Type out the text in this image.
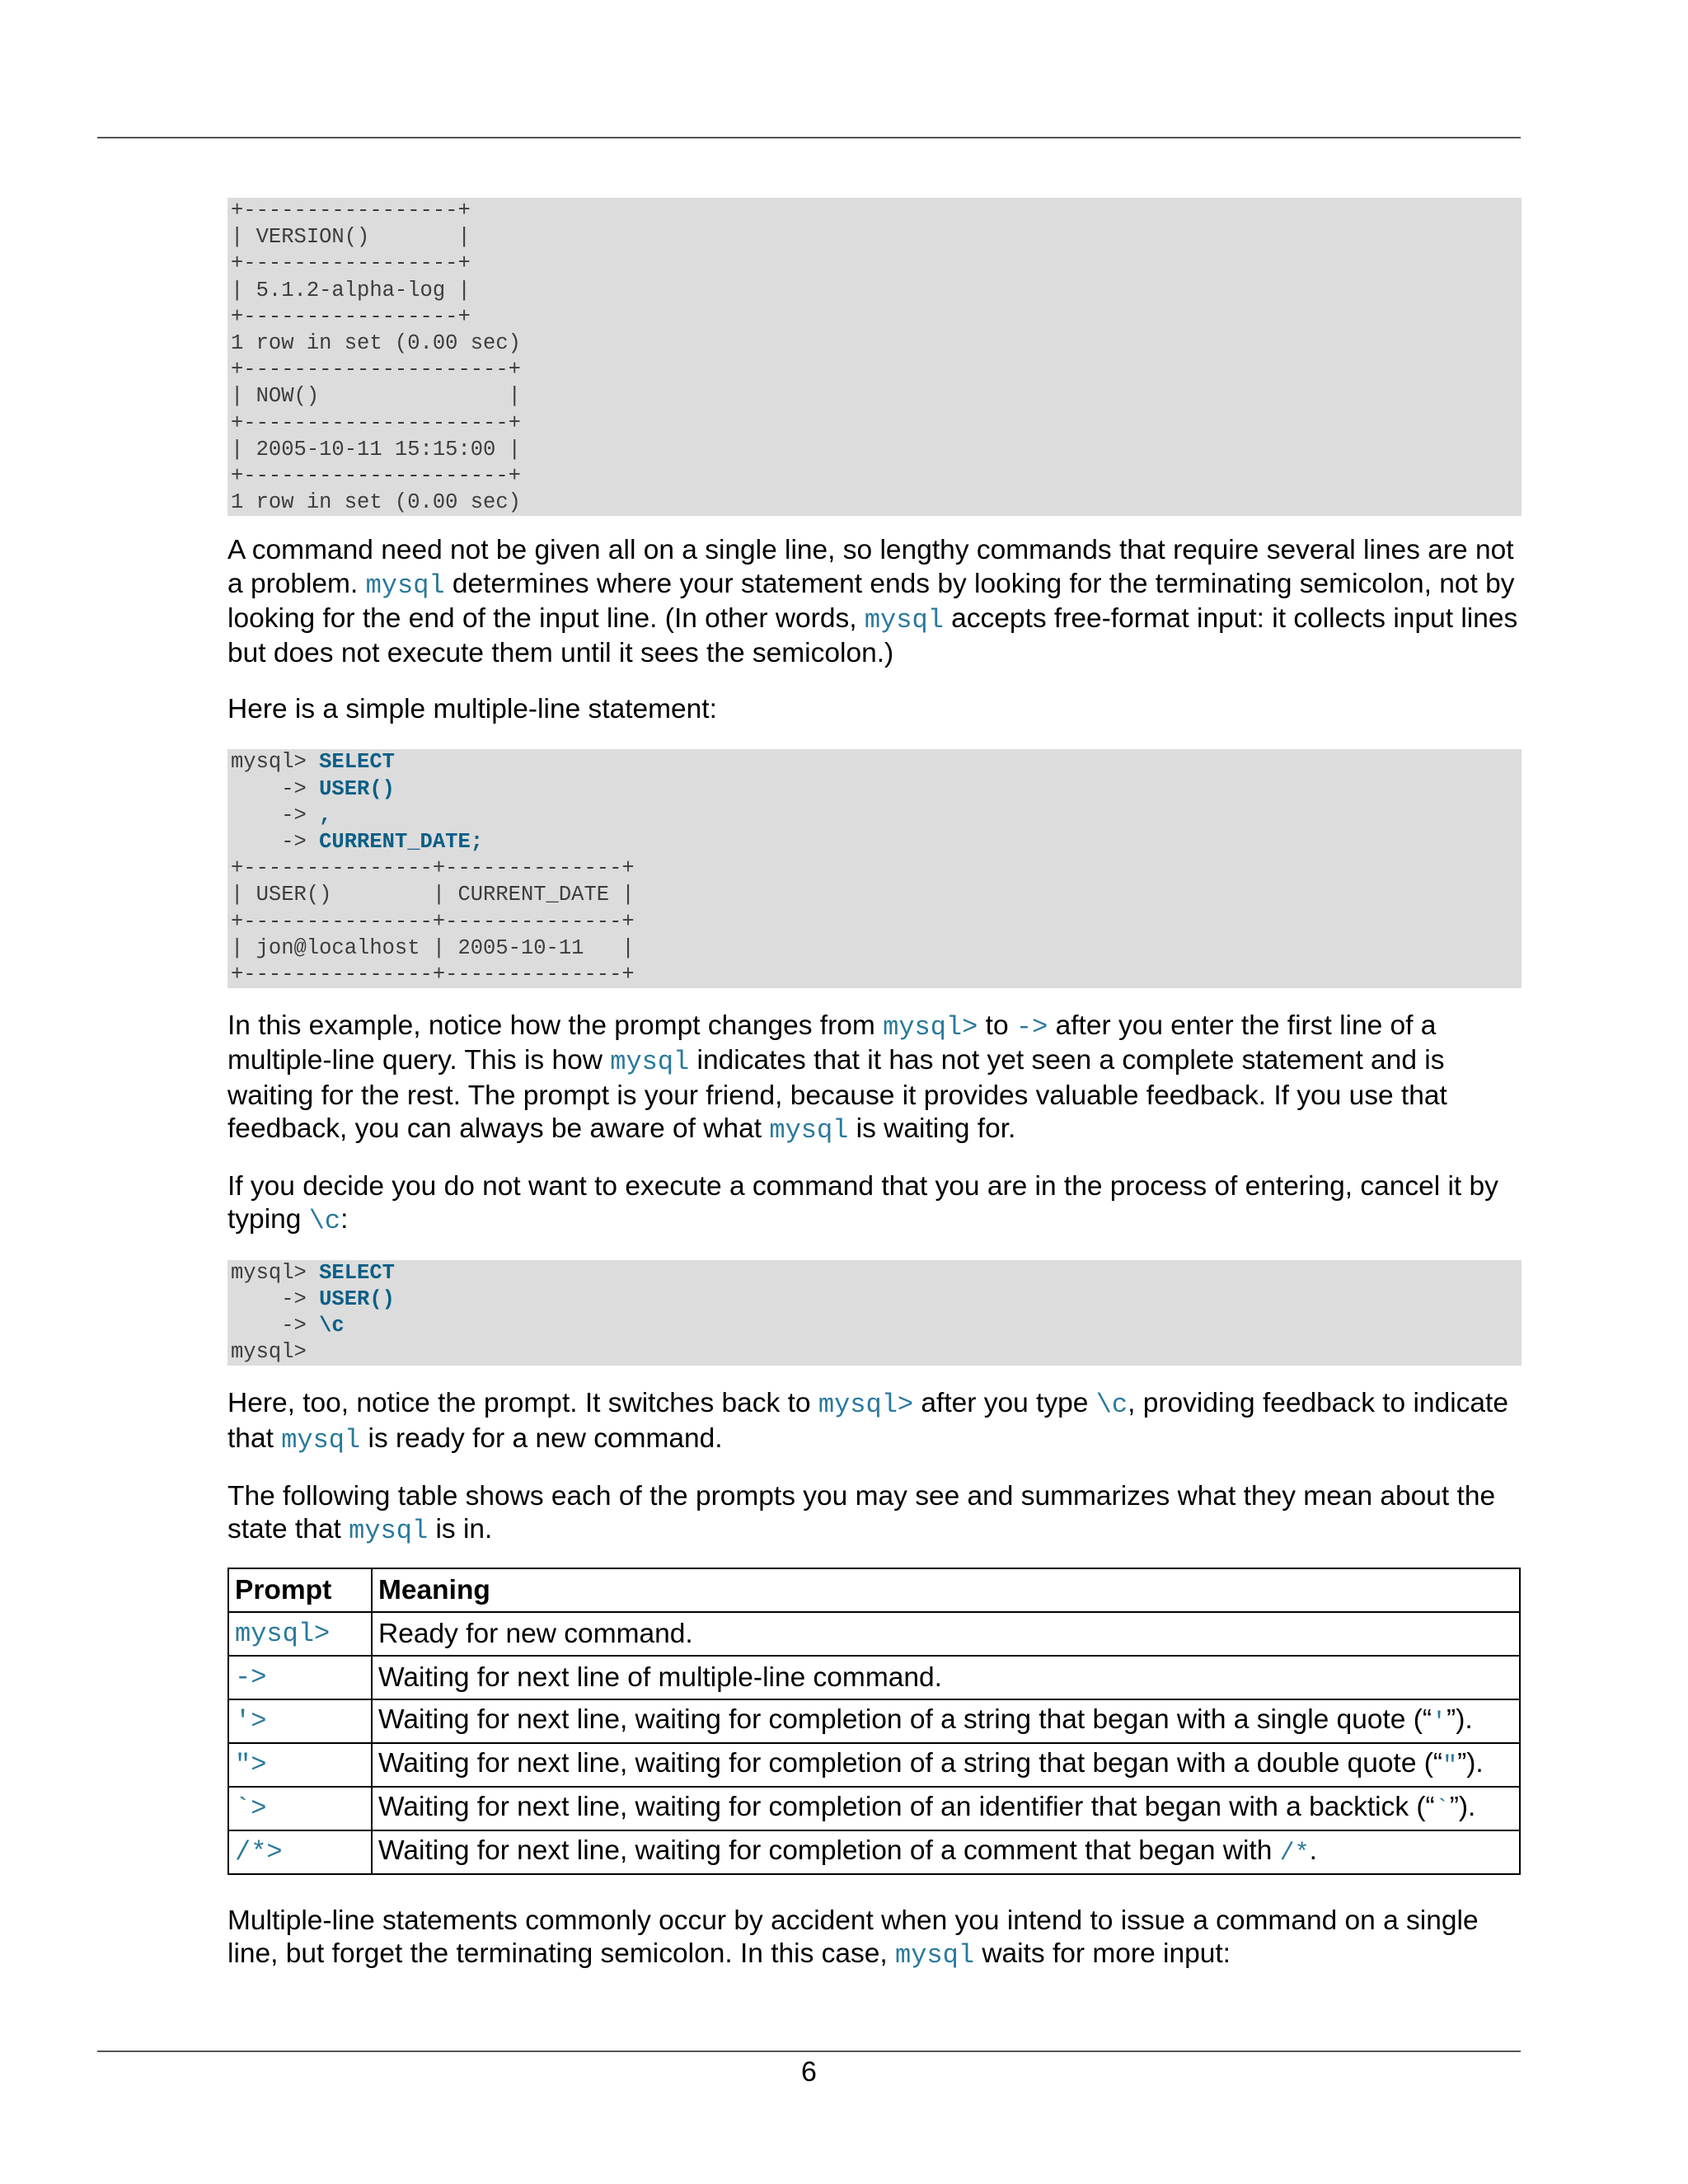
+-----------------+
| VERSION()       |
+-----------------+
| 5.1.2-alpha-log |
+-----------------+
1 row in set (0.00 sec)
+---------------------+
| NOW()               |
+---------------------+
| 2005-10-11 15:15:00 |
+---------------------+
1 row in set (0.00 sec)

A command need not be given all on a single line, so lengthy commands that require several lines are not a problem. mysql determines where your statement ends by looking for the terminating semicolon, not by looking for the end of the input line. (In other words, mysql accepts free-format input: it collects input lines but does not execute them until it sees the semicolon.)

Here is a simple multiple-line statement:

mysql> SELECT
-> USER()
-> ,
-> CURRENT_DATE;
+---------------+--------------+
| USER()        | CURRENT_DATE |
+---------------+--------------+
| jon@localhost | 2005-10-11   |
+---------------+--------------+

In this example, notice how the prompt changes from mysql> to -> after you enter the first line of a multiple-line query. This is how mysql indicates that it has not yet seen a complete statement and is waiting for the rest. The prompt is your friend, because it provides valuable feedback. If you use that feedback, you can always be aware of what mysql is waiting for.

If you decide you do not want to execute a command that you are in the process of entering, cancel it by typing \c:

mysql> SELECT
-> USER()
-> \c
mysql>

Here, too, notice the prompt. It switches back to mysql> after you type \c, providing feedback to indicate that mysql is ready for a new command.

The following table shows each of the prompts you may see and summarizes what they mean about the state that mysql is in.

Prompt	Meaning
mysql>	Ready for new command.
->	Waiting for next line of multiple-line command.
'>	Waiting for next line, waiting for completion of a string that began with a single quote (“'”).
">	Waiting for next line, waiting for completion of a string that began with a double quote (“"”).
`>	Waiting for next line, waiting for completion of an identifier that began with a backtick (“`”).
/*>	Waiting for next line, waiting for completion of a comment that began with /*.

Multiple-line statements commonly occur by accident when you intend to issue a command on a single line, but forget the terminating semicolon. In this case, mysql waits for more input:

6
